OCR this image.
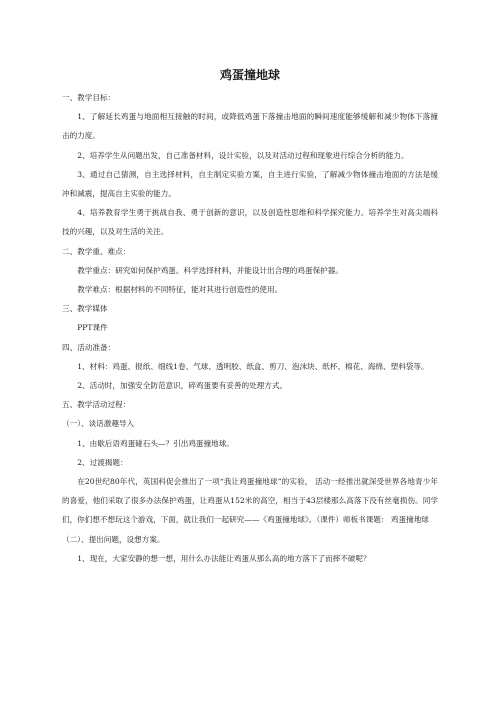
鸡蛋撞地球

一、教学目标：

1、了解延长鸡蛋与地面相互接触的时间，或降低鸡蛋下落撞击地面的瞬间速度能够缓解和减少物体下落撞击的力度。

2、培养学生从问题出发，自己准备材料，设计实验，以及对活动过程和现象进行综合分析的能力。

3、通过自己猜测，自主选择材料，自主制定实验方案，自主进行实验，了解减少物体撞击地面的方法是缓冲和减震，提高自主实验的能力。

4、培养教育学生勇于挑战自我、勇于创新的意识，以及创造性思维和科学探究能力。培养学生对高尖端科技的兴趣，以及对生活的关注。

二、教学重、难点：

教学重点：研究如何保护鸡蛋。科学选择材料，并能设计出合理的鸡蛋保护器。

教学难点：根据材料的不同特征，能对其进行创造性的使用。

三、教学媒体

PPT课件

四、活动准备：

1、材料：鸡蛋、报纸、细线1卷、气球、透明胶、纸盒、剪刀、泡沫块、纸杯、棉花、海绵、塑料袋等。

2、活动时，加强安全防范意识，碎鸡蛋要有妥善的处理方式。

五、教学活动过程：

（一）、谈话激趣导入

1、由歇后语鸡蛋碰石头—？引出鸡蛋撞地球。

2、过渡揭题：

在20世纪80年代，英国科促会推出了一项“我让鸡蛋撞地球”的实验， 活动一经推出就深受世界各地青少年的喜爱，他们采取了很多办法保护鸡蛋，让鸡蛋从152米的高空，相当于43层楼那么高落下没有丝毫损伤。同学们，你们想不想玩这个游戏，下面，就让我们一起研究——《鸡蛋撞地球》。（课件）师板书课题： 鸡蛋撞地球

（二）、提出问题，设想方案。

1、现在，大家安静的想一想，用什么办法能让鸡蛋从那么高的地方落下了而摔不破呢？
